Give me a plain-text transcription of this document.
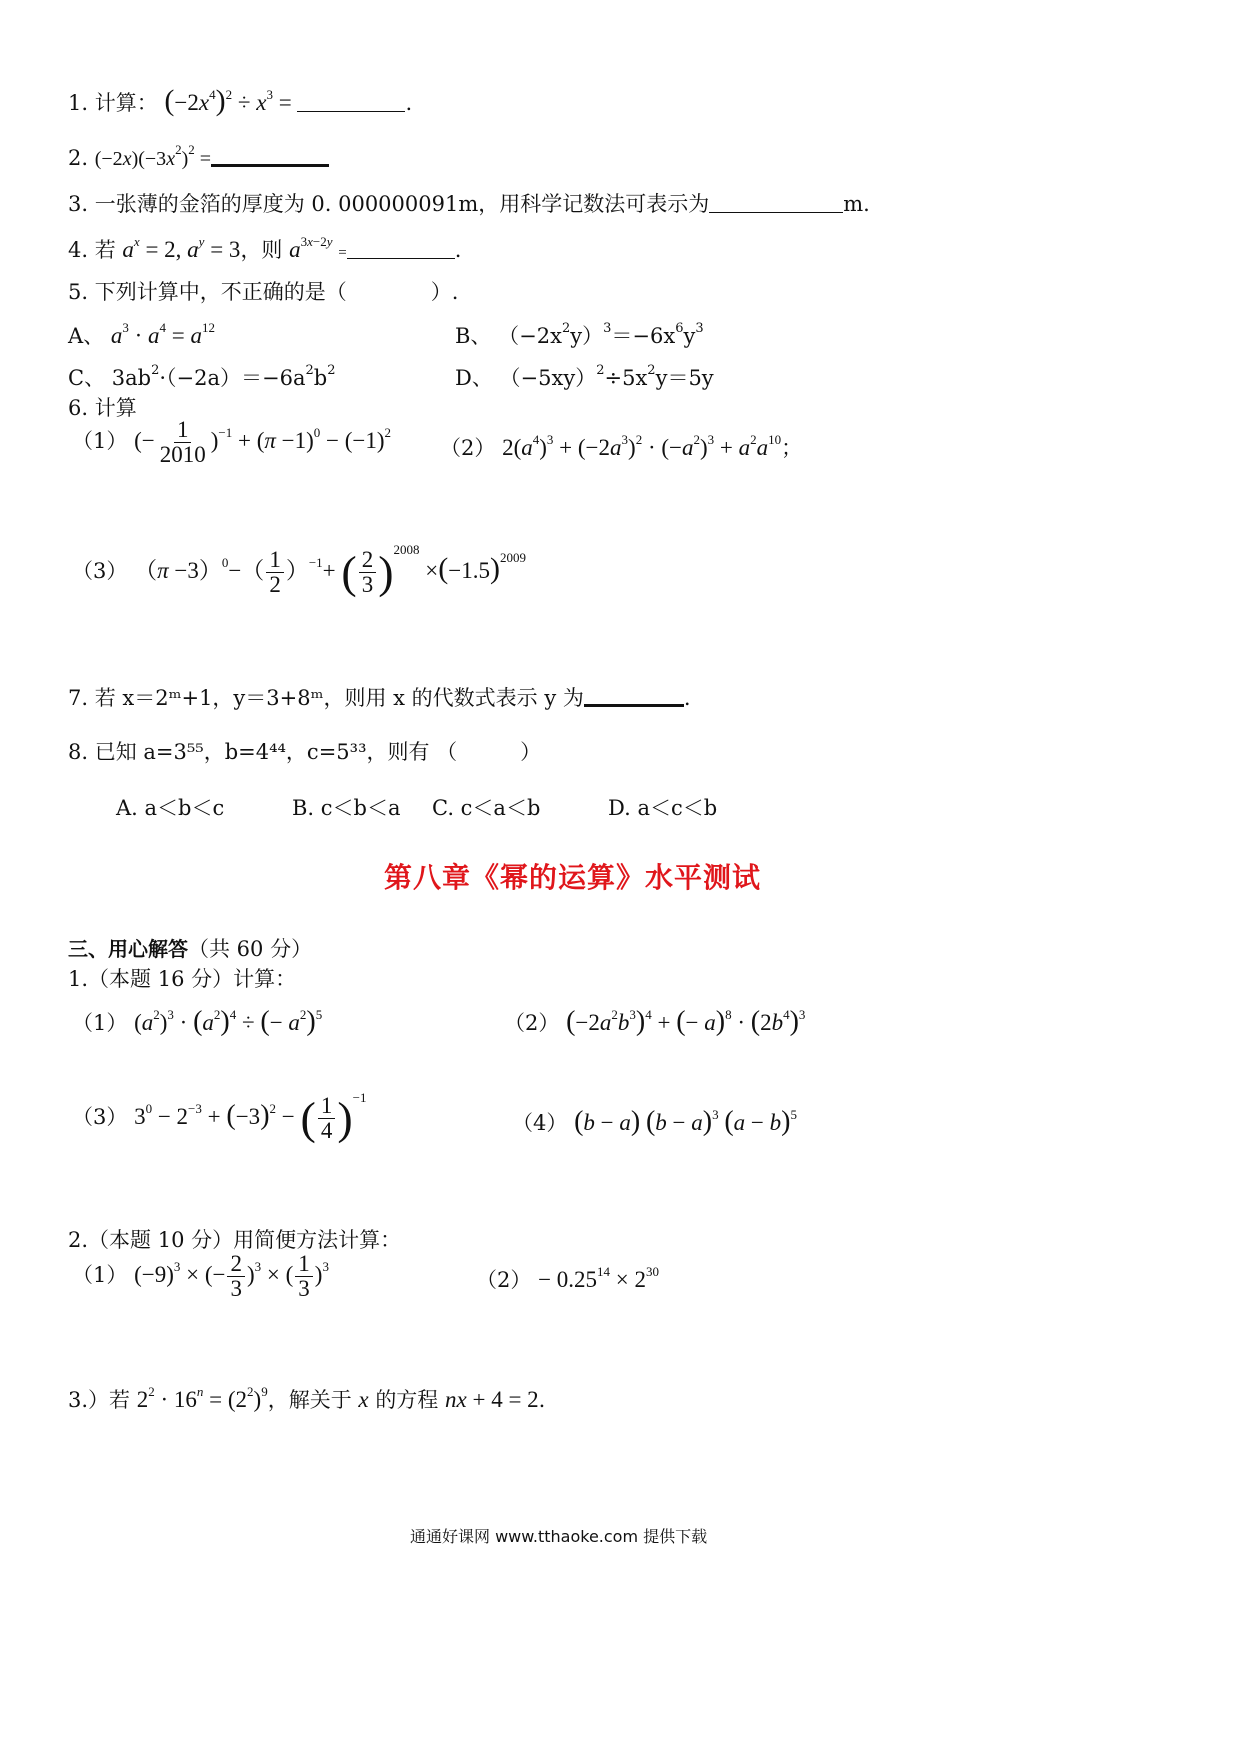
1. 计算： $(-2x^4)^2 \div x^3$ =	.
2. $(-2x)(-3x^2)^2$ =
3. 一张薄的金箔的厚度为 0. 000000091m，用科学记数法可表示为	m.
4. 若 $a^x = 2$, $a^y = 3$，则 $a^{3x-2y}$ =	.
5. 下列计算中，不正确的是（　　　　）.
A、 $a^3 \cdot a^4 = a^{12}$	B、 $(-2x^2y)^3=-6x^6y^3$
C、 $3ab^2\cdot(-2a)=-6a^2b^2$	D、 $(-5xy)^2\div 5x^2y=5y$
6. 计算
（1） (− $\frac{1}{2010} )^{-1} + (\pi -1)^0 - (-1)^2$
（2） $2(a^4)^3 + (-2a^3)^2 \cdot (-a^2)^3 + a^2a^{10}$；
（3） $(\pi -3)^0-( \frac{1}{2} )^{-1}+$ ( $\frac{2}{3} )^{2008} \times(-1.5)^{2009}$
7. 若 x＝2ᵐ+1，y＝3+8ᵐ，则用 x 的代数式表示 y 为	.
8. 已知 a=3⁵⁵，b=4⁴⁴，c=5³³，则有 （　　　）
A. a＜b＜c	B. c＜b＜a C. c＜a＜b	D. a＜c＜b
第八章《幂的运算》水平测试
三、用心解答（共 60 分）
1.（本题 16 分）计算：
（1） $(a^2)^3 \cdot (a^2)^4$ ÷ (− $a^2)^5$	（2） $(-2a^2b^3)^4$ + (− $a)^8 \cdot (2b^4)^3$
（3） $3^0 - 2^{-3} + (-3)^2$ − ( $\frac{1}{4} )^{-1}$
（4） (b − a) $(b - a)^3$ $(a - b)^5$
2.（本题 10 分）用简便方法计算：
（1） $(-9)^3$ × (− $\frac{2}{3} )^3$ × ( $\frac{1}{3} )^3$
$(2) - 0.25^{14} \times 2^{30}$
3.）若 $2^2 \cdot 16^n = (2^2)^9$，解关于 x 的方程 nx + 4 = 2.
通通好课网 www.tthaoke.com 提供下载
